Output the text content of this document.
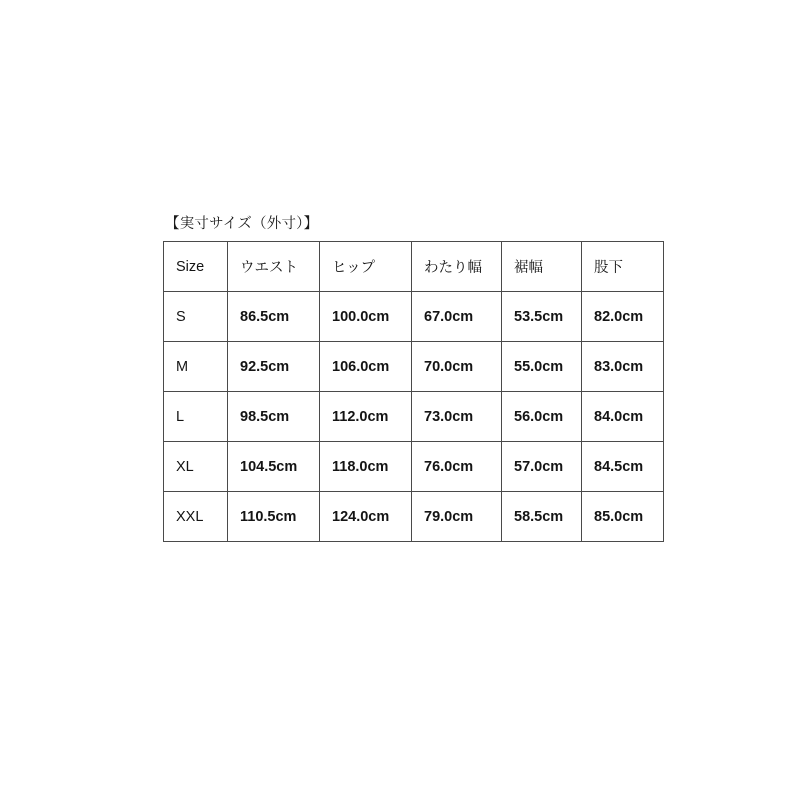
【実寸サイズ（外寸）】
Size	ウエスト	ヒップ	わたり幅	裾幅	股下
S	86.5cm	100.0cm	67.0cm	53.5cm	82.0cm
M	92.5cm	106.0cm	70.0cm	55.0cm	83.0cm
L	98.5cm	112.0cm	73.0cm	56.0cm	84.0cm
XL	104.5cm	118.0cm	76.0cm	57.0cm	84.5cm
XXL	110.5cm	124.0cm	79.0cm	58.5cm	85.0cm
